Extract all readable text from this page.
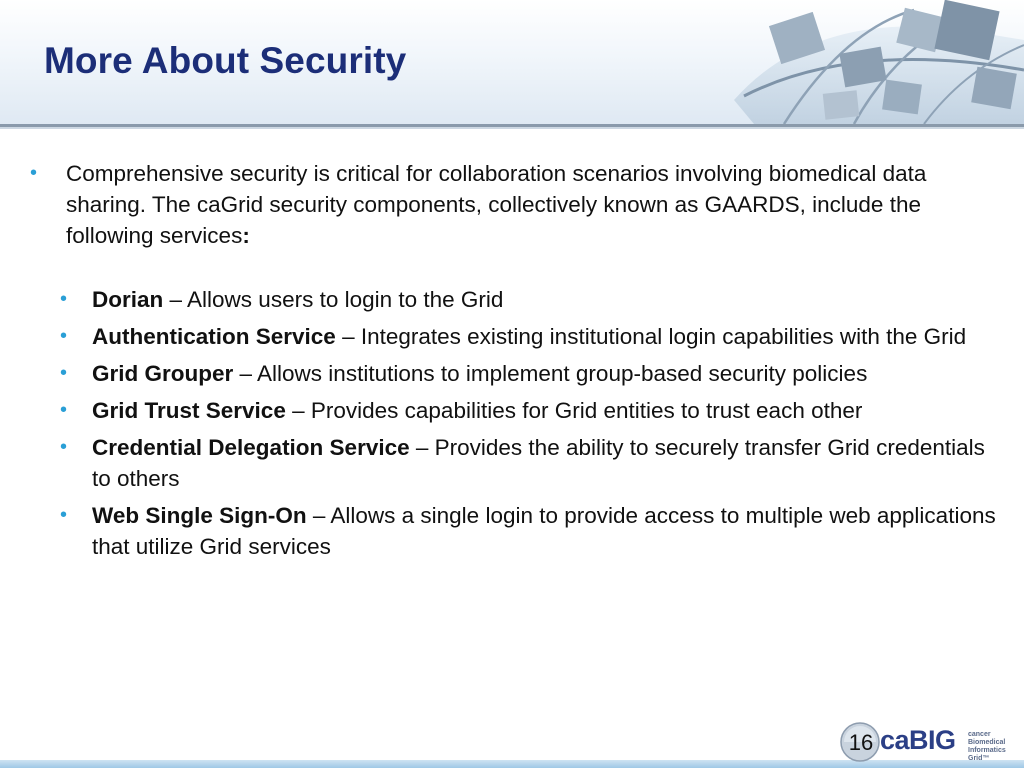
More About Security
• Comprehensive security is critical for collaboration scenarios involving biomedical data sharing. The caGrid security components, collectively known as GAARDS, include the following services:
• Dorian – Allows users to login to the Grid
• Authentication Service – Integrates existing institutional login capabilities with the Grid
• Grid Grouper – Allows institutions to implement group-based security policies
• Grid Trust Service – Provides capabilities for Grid entities to trust each other
• Credential Delegation Service – Provides the ability to securely transfer Grid credentials to others
• Web Single Sign-On – Allows a single login to provide access to multiple web applications that utilize Grid services
16 caBIG cancer Biomedical Informatics Grid™
